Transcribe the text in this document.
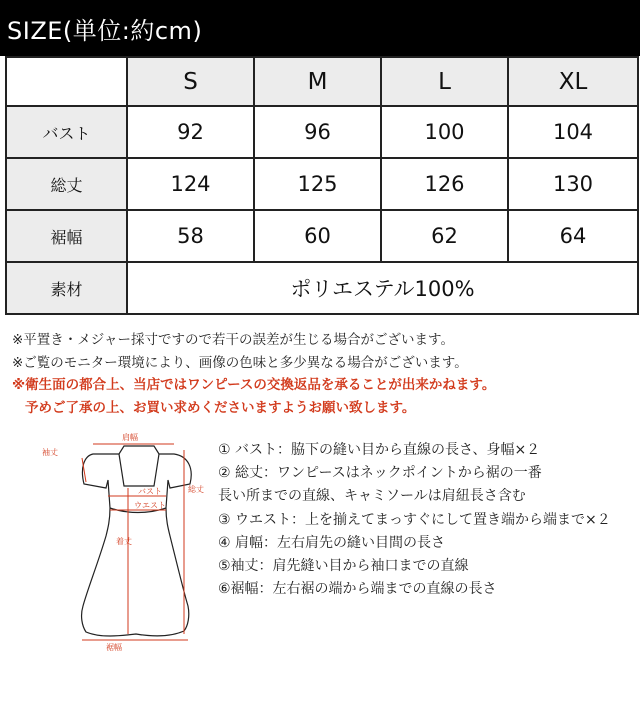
SIZE(単位:約cm)
	S	M	L	XL
バスト	92	96	100	104
総丈	124	125	126	130
裾幅	58	60	62	64
素材	ポリエステル100%			
※平置き・メジャー採寸ですので若干の誤差が生じる場合がございます。
※ご覧のモニター環境により、画像の色味と多少異なる場合がございます。
※衛生面の都合上、当店ではワンピースの交換返品を承ることが出来かねます。
予めご了承の上、お買い求めくださいますようお願い致します。
肩幅
袖丈
バスト	総丈
ウエスト
着丈
裾幅
① バスト：脇下の縫い目から直線の長さ、身幅×２
② 総丈：ワンピースはネックポイントから裾の一番
長い所までの直線、キャミソールは肩紐長さ含む
③ ウエスト：上を揃えてまっすぐにして置き端から端まで×２
④ 肩幅：左右肩先の縫い目間の長さ
⑤袖丈：肩先縫い目から袖口までの直線
⑥裾幅：左右裾の端から端までの直線の長さ
